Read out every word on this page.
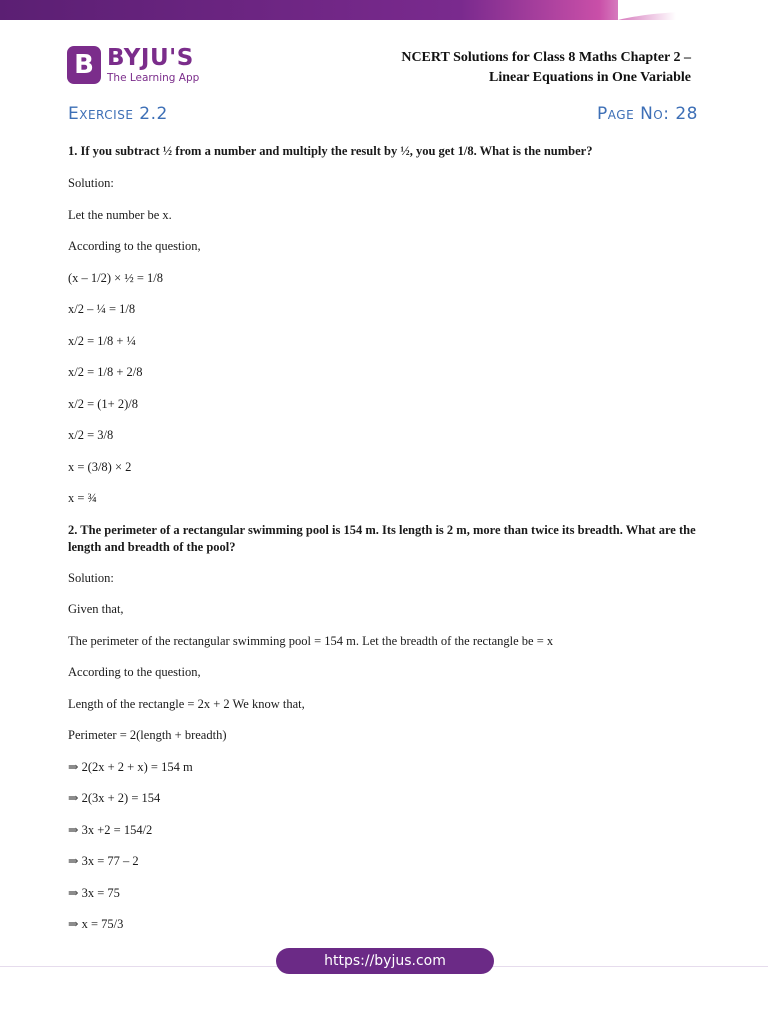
B BYJU'S
The Learning App
NCERT Solutions for Class 8 Maths Chapter 2 –
Linear Equations in One Variable
Exercise 2.2	Page No: 28

1. If you subtract ½ from a number and multiply the result by ½, you get 1/8. What is the number?

Solution:

Let the number be x.

According to the question,

(x – 1/2) × ½ = 1/8

x/2 – ¼ = 1/8

x/2 = 1/8 + ¼

x/2 = 1/8 + 2/8

x/2 = (1+ 2)/8

x/2 = 3/8

x = (3/8) × 2

x = ¾

2. The perimeter of a rectangular swimming pool is 154 m. Its length is 2 m, more than twice its breadth. What are the length and breadth of the pool?

Solution:

Given that,

The perimeter of the rectangular swimming pool = 154 m. Let the breadth of the rectangle be = x

According to the question,

Length of the rectangle = 2x + 2 We know that,

Perimeter = 2(length + breadth)

⇒ 2(2x + 2 + x) = 154 m

⇒ 2(3x + 2) = 154

⇒ 3x +2 = 154/2

⇒ 3x = 77 – 2

⇒ 3x = 75

⇒ x = 75/3

https://byjus.com
